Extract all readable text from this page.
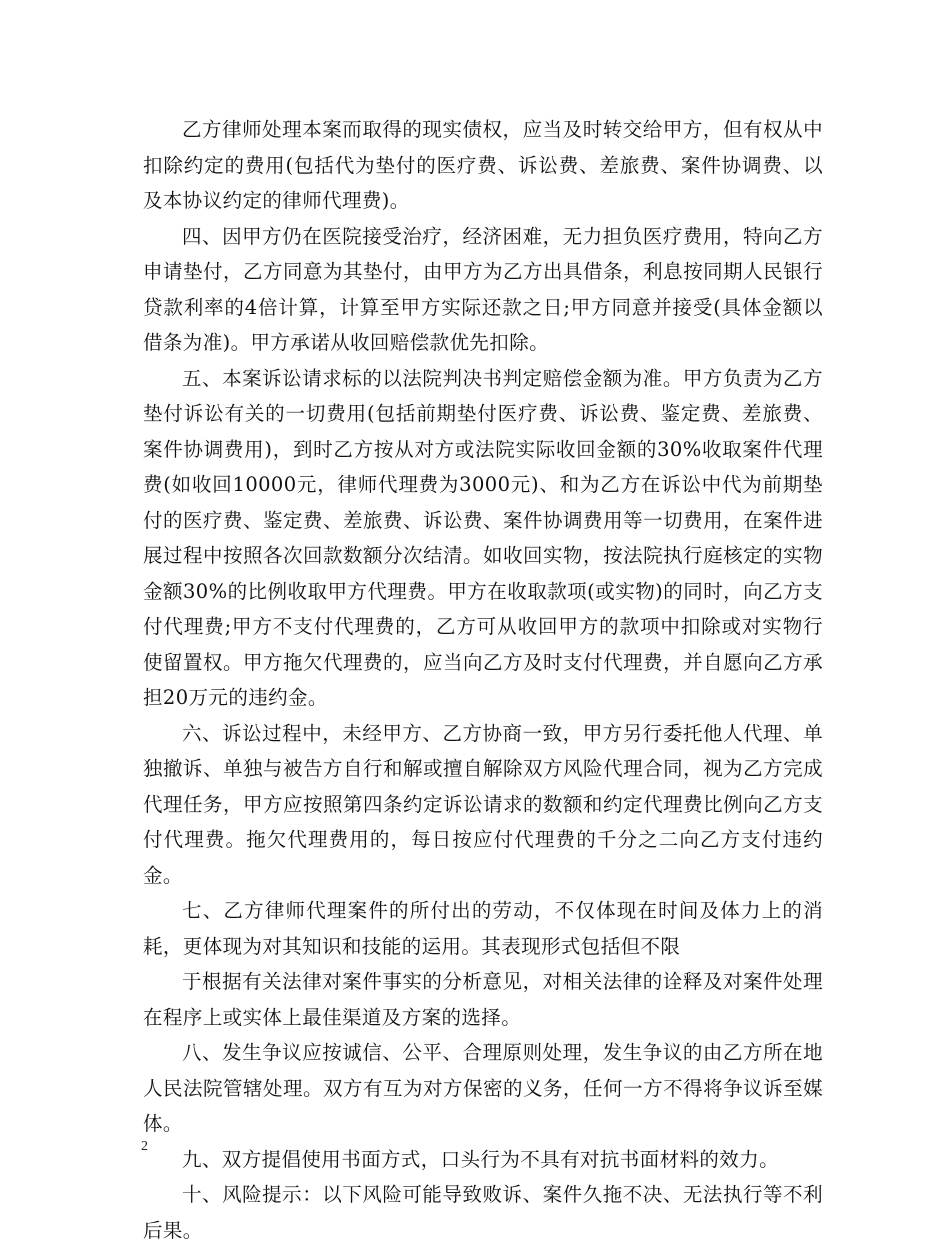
乙方律师处理本案而取得的现实债权，应当及时转交给甲方，但有权从中扣除约定的费用(包括代为垫付的医疗费、诉讼费、差旅费、案件协调费、以及本协议约定的律师代理费)。

四、因甲方仍在医院接受治疗，经济困难，无力担负医疗费用，特向乙方申请垫付，乙方同意为其垫付，由甲方为乙方出具借条，利息按同期人民银行贷款利率的4倍计算，计算至甲方实际还款之日;甲方同意并接受(具体金额以借条为准)。甲方承诺从收回赔偿款优先扣除。

五、本案诉讼请求标的以法院判决书判定赔偿金额为准。甲方负责为乙方垫付诉讼有关的一切费用(包括前期垫付医疗费、诉讼费、鉴定费、差旅费、案件协调费用)，到时乙方按从对方或法院实际收回金额的30%收取案件代理费(如收回10000元，律师代理费为3000元)、和为乙方在诉讼中代为前期垫付的医疗费、鉴定费、差旅费、诉讼费、案件协调费用等一切费用，在案件进展过程中按照各次回款数额分次结清。如收回实物，按法院执行庭核定的实物金额30%的比例收取甲方代理费。甲方在收取款项(或实物)的同时，向乙方支付代理费;甲方不支付代理费的，乙方可从收回甲方的款项中扣除或对实物行使留置权。甲方拖欠代理费的，应当向乙方及时支付代理费，并自愿向乙方承担20万元的违约金。

六、诉讼过程中，未经甲方、乙方协商一致，甲方另行委托他人代理、单独撤诉、单独与被告方自行和解或擅自解除双方风险代理合同，视为乙方完成代理任务，甲方应按照第四条约定诉讼请求的数额和约定代理费比例向乙方支付代理费。拖欠代理费用的，每日按应付代理费的千分之二向乙方支付违约金。

七、乙方律师代理案件的所付出的劳动，不仅体现在时间及体力上的消耗，更体现为对其知识和技能的运用。其表现形式包括但不限

于根据有关法律对案件事实的分析意见，对相关法律的诠释及对案件处理在程序上或实体上最佳渠道及方案的选择。

八、发生争议应按诚信、公平、合理原则处理，发生争议的由乙方所在地人民法院管辖处理。双方有互为对方保密的义务，任何一方不得将争议诉至媒体。

九、双方提倡使用书面方式，口头行为不具有对抗书面材料的效力。

十、风险提示：以下风险可能导致败诉、案件久拖不决、无法执行等不利后果。

2
